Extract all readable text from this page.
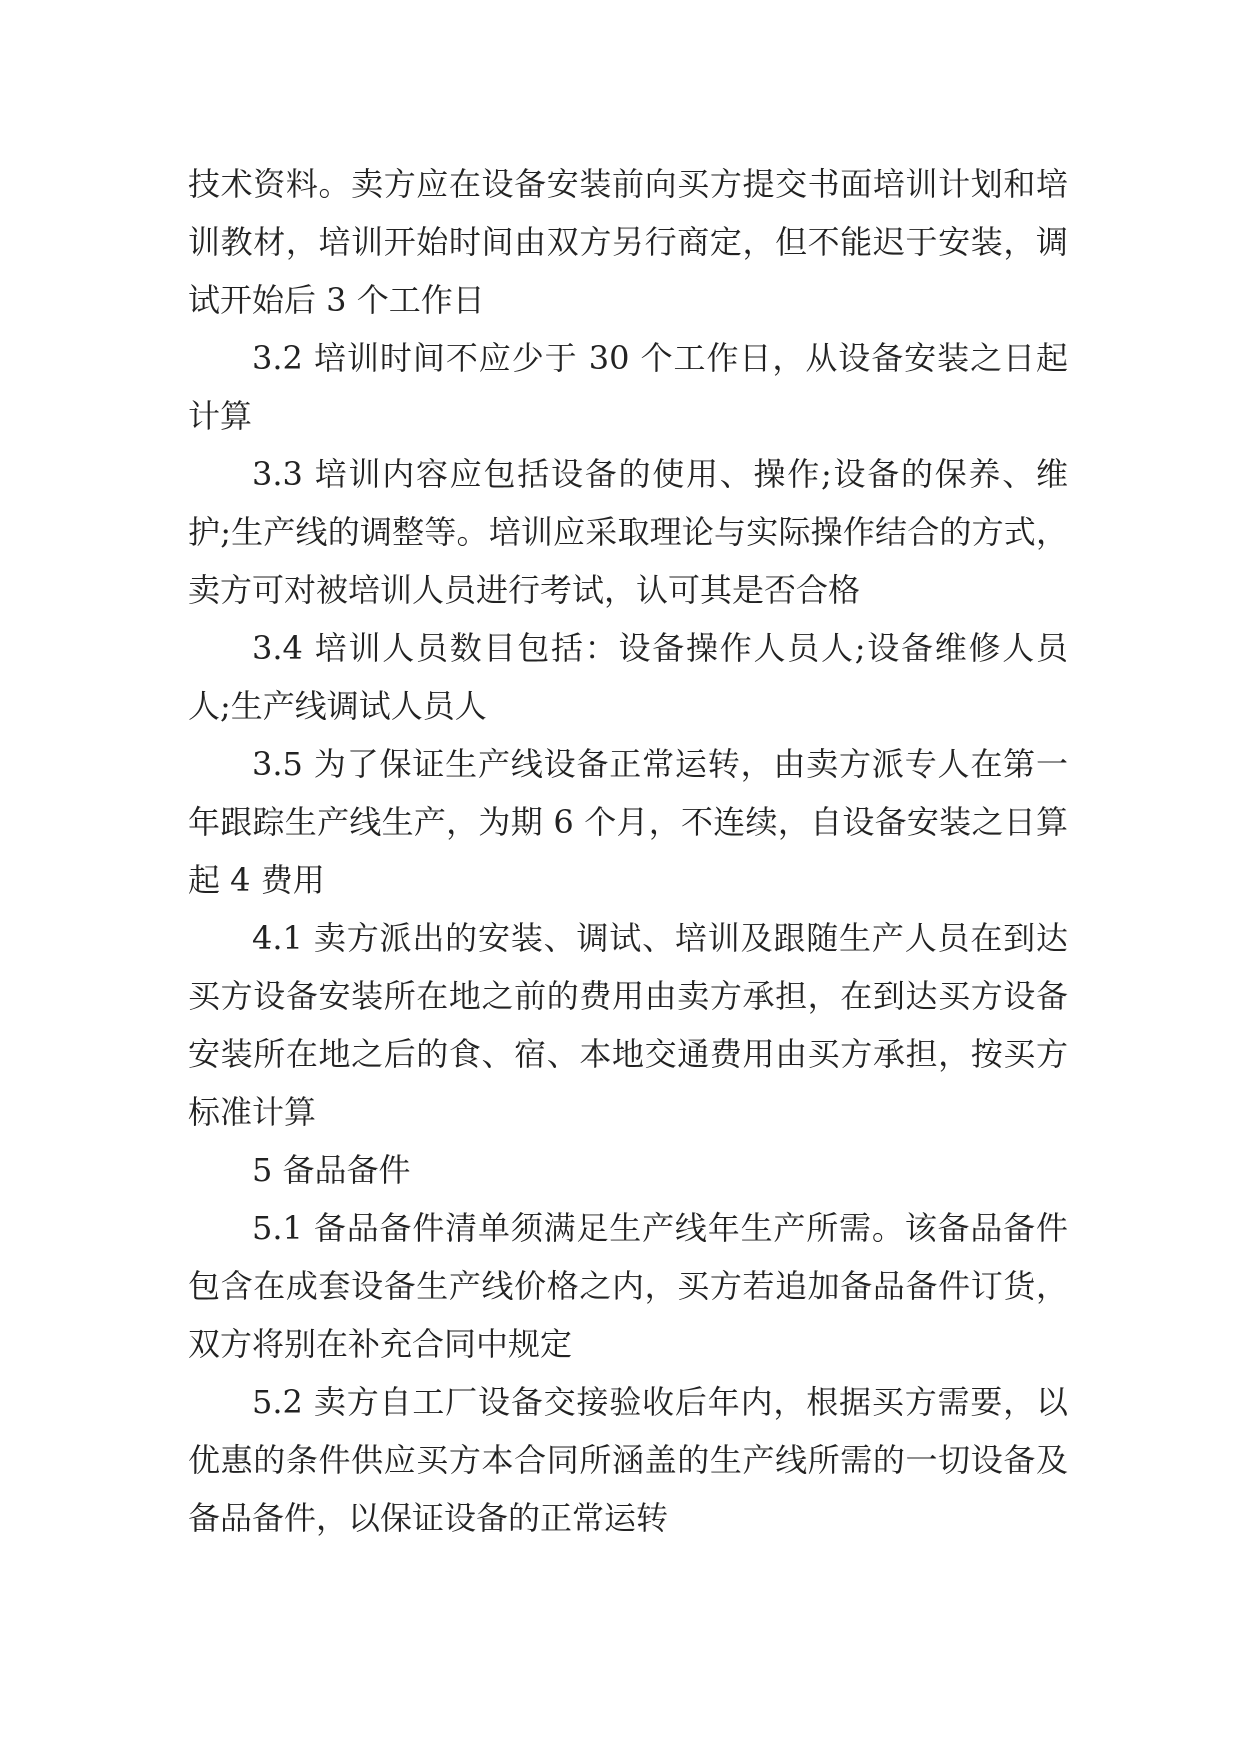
技术资料。卖方应在设备安装前向买方提交书面培训计划和培训教材，培训开始时间由双方另行商定，但不能迟于安装，调试开始后 3 个工作日

3.2 培训时间不应少于 30 个工作日，从设备安装之日起计算

3.3 培训内容应包括设备的使用、操作;设备的保养、维护;生产线的调整等。培训应采取理论与实际操作结合的方式，卖方可对被培训人员进行考试，认可其是否合格

3.4 培训人员数目包括：设备操作人员人;设备维修人员人;生产线调试人员人

3.5 为了保证生产线设备正常运转，由卖方派专人在第一年跟踪生产线生产，为期 6 个月，不连续，自设备安装之日算起 4 费用

4.1 卖方派出的安装、调试、培训及跟随生产人员在到达买方设备安装所在地之前的费用由卖方承担，在到达买方设备安装所在地之后的食、宿、本地交通费用由买方承担，按买方标准计算

5 备品备件

5.1 备品备件清单须满足生产线年生产所需。该备品备件包含在成套设备生产线价格之内，买方若追加备品备件订货，双方将别在补充合同中规定

5.2 卖方自工厂设备交接验收后年内，根据买方需要，以优惠的条件供应买方本合同所涵盖的生产线所需的一切设备及备品备件，以保证设备的正常运转
